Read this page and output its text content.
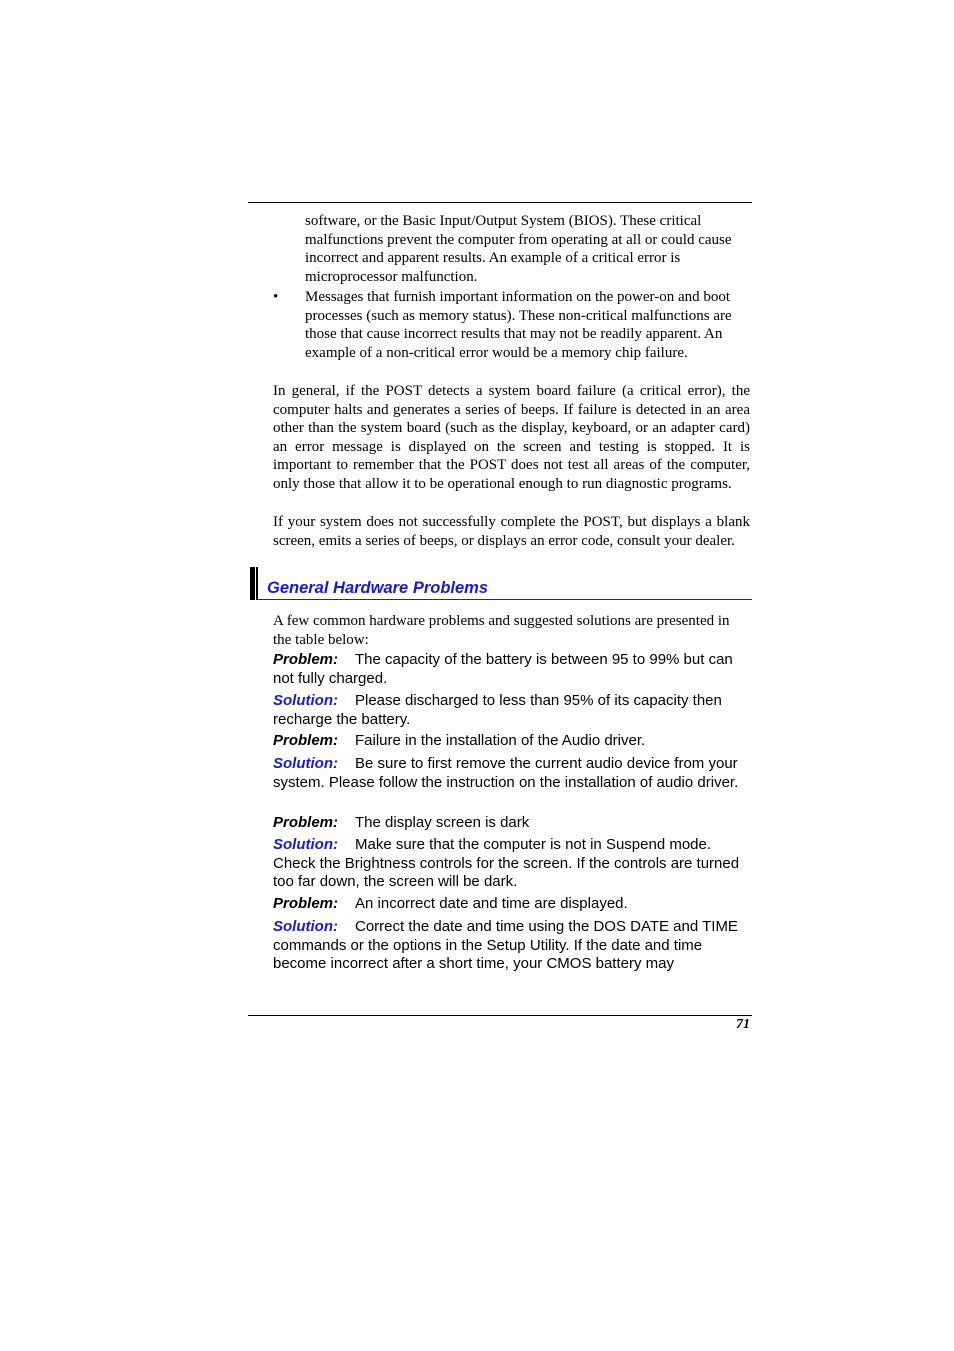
software, or the Basic Input/Output System (BIOS). These critical malfunctions prevent the computer from operating at all or could cause incorrect and apparent results. An example of a critical error is microprocessor malfunction.

• Messages that furnish important information on the power-on and boot processes (such as memory status). These non-critical malfunctions are those that cause incorrect results that may not be readily apparent. An example of a non-critical error would be a memory chip failure.

In general, if the POST detects a system board failure (a critical error), the computer halts and generates a series of beeps. If failure is detected in an area other than the system board (such as the display, keyboard, or an adapter card) an error message is displayed on the screen and testing is stopped. It is important to remember that the POST does not test all areas of the computer, only those that allow it to be operational enough to run diagnostic programs.

If your system does not successfully complete the POST, but displays a blank screen, emits a series of beeps, or displays an error code, consult your dealer.

General Hardware Problems

A few common hardware problems and suggested solutions are presented in the table below:

Problem: The capacity of the battery is between 95 to 99% but can not fully charged.

Solution: Please discharged to less than 95% of its capacity then recharge the battery.

Problem: Failure in the installation of the Audio driver.

Solution: Be sure to first remove the current audio device from your system. Please follow the instruction on the installation of audio driver.

Problem: The display screen is dark

Solution: Make sure that the computer is not in Suspend mode. Check the Brightness controls for the screen. If the controls are turned too far down, the screen will be dark.

Problem: An incorrect date and time are displayed.

Solution: Correct the date and time using the DOS DATE and TIME commands or the options in the Setup Utility. If the date and time become incorrect after a short time, your CMOS battery may

71
